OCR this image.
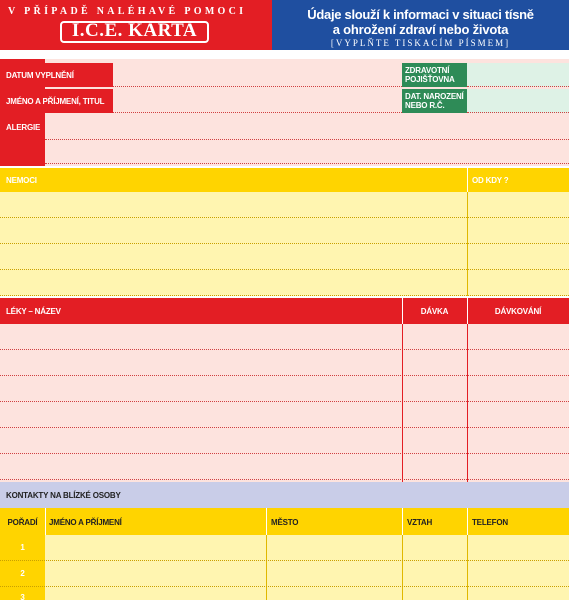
V PŘÍPADĚ NALÉHAVÉ POMOCI
I.C.E. KARTA
Údaje slouží k informaci v situaci tísně
a ohrožení zdraví nebo života
[VYPLŇTE TISKACÍM PÍSMEM]
DATUM VYPLNĚNÍ
JMÉNO A PŘÍJMENÍ, TITUL
ALERGIE
ZDRAVOTNÍ POJIŠŤOVNA
DAT. NAROZENÍ NEBO R.Č.
NEMOCI	OD KDY ?
LÉKY – NÁZEV	DÁVKA	DÁVKOVÁNÍ
KONTAKTY NA BLÍZKÉ OSOBY
POŘADÍ	JMÉNO A PŘÍJMENÍ	MĚSTO	VZTAH	TELEFON
1
2
3
